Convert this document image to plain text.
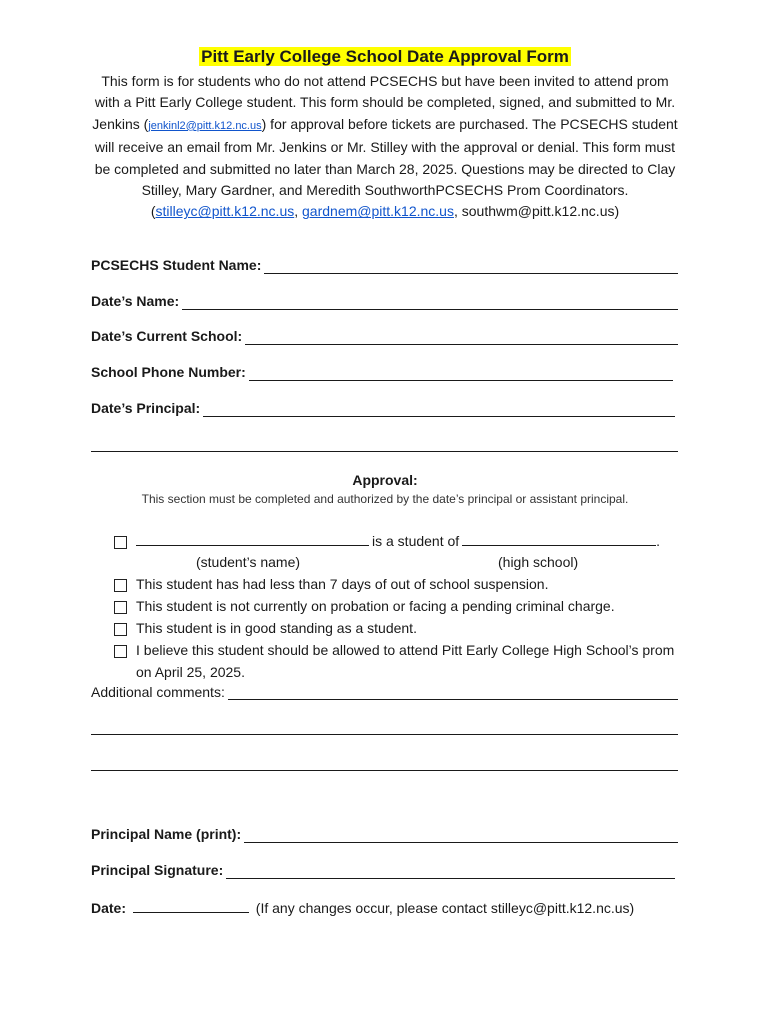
Pitt Early College School Date Approval Form
This form is for students who do not attend PCSECHS but have been invited to attend prom with a Pitt Early College student. This form should be completed, signed, and submitted to Mr. Jenkins (jenkinl2@pitt.k12.nc.us) for approval before tickets are purchased. The PCSECHS student will receive an email from Mr. Jenkins or Mr. Stilley with the approval or denial. This form must be completed and submitted no later than March 28, 2025. Questions may be directed to Clay Stilley, Mary Gardner, and Meredith SouthworthPCSECHS Prom Coordinators. (stilleyc@pitt.k12.nc.us, gardnem@pitt.k12.nc.us, southwm@pitt.k12.nc.us)
PCSECHS Student Name:
Date’s Name:
Date’s Current School:
School Phone Number:
Date’s Principal:
Approval:
This section must be completed and authorized by the date’s principal or assistant principal.
is a student of	.
(student’s name)	(high school)
This student has had less than 7 days of out of school suspension.
This student is not currently on probation or facing a pending criminal charge.
This student is in good standing as a student.
I believe this student should be allowed to attend Pitt Early College High School’s prom on April 25, 2025.
Additional comments:
Principal Name (print):
Principal Signature:
Date:	(If any changes occur, please contact stilleyc@pitt.k12.nc.us)
